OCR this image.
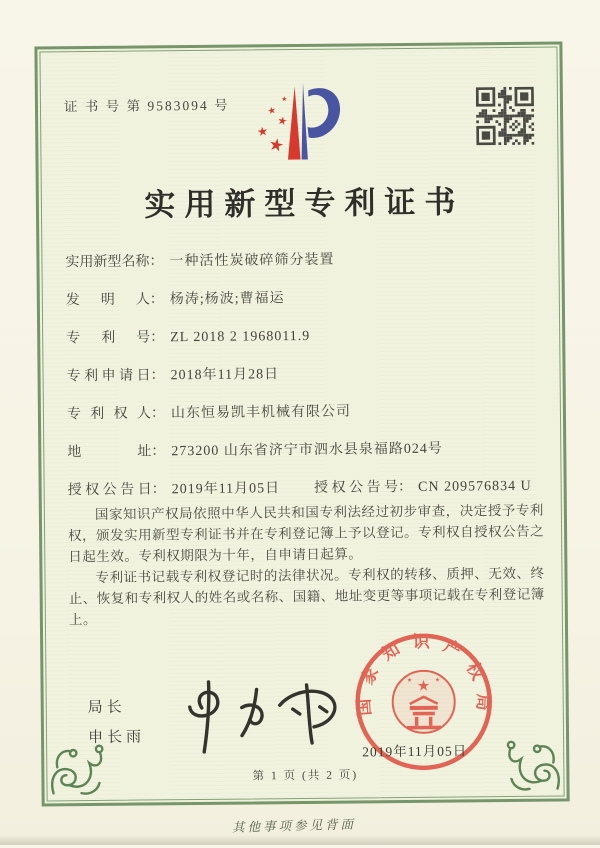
证 书 号 第 9583094 号
实用新型专利证书
实用新型名称： 一种活性炭破碎筛分装置
发明人： 杨涛;杨波;曹福运
专利号： ZL 2018 2 1968011.9
专利申请日： 2018年11月28日
专利权人： 山东恒易凯丰机械有限公司
地址： 273200 山东省济宁市泗水县泉福路024号
授权公告日： 2019年11月05日 授权公告号： CN 209576834 U

国家知识产权局依照中华人民共和国专利法经过初步审查，决定授予专利权，颁发实用新型专利证书并在专利登记簿上予以登记。专利权自授权公告之日起生效。专利权期限为十年，自申请日起算。

专利证书记载专利权登记时的法律状况。专利权的转移、质押、无效、终止、恢复和专利权人的姓名或名称、国籍、地址变更等事项记载在专利登记簿上。

局长
申长雨
国 家 知 识 产 权 局
2019年11月05日
第 1 页 (共 2 页)
其他事项参见背面
